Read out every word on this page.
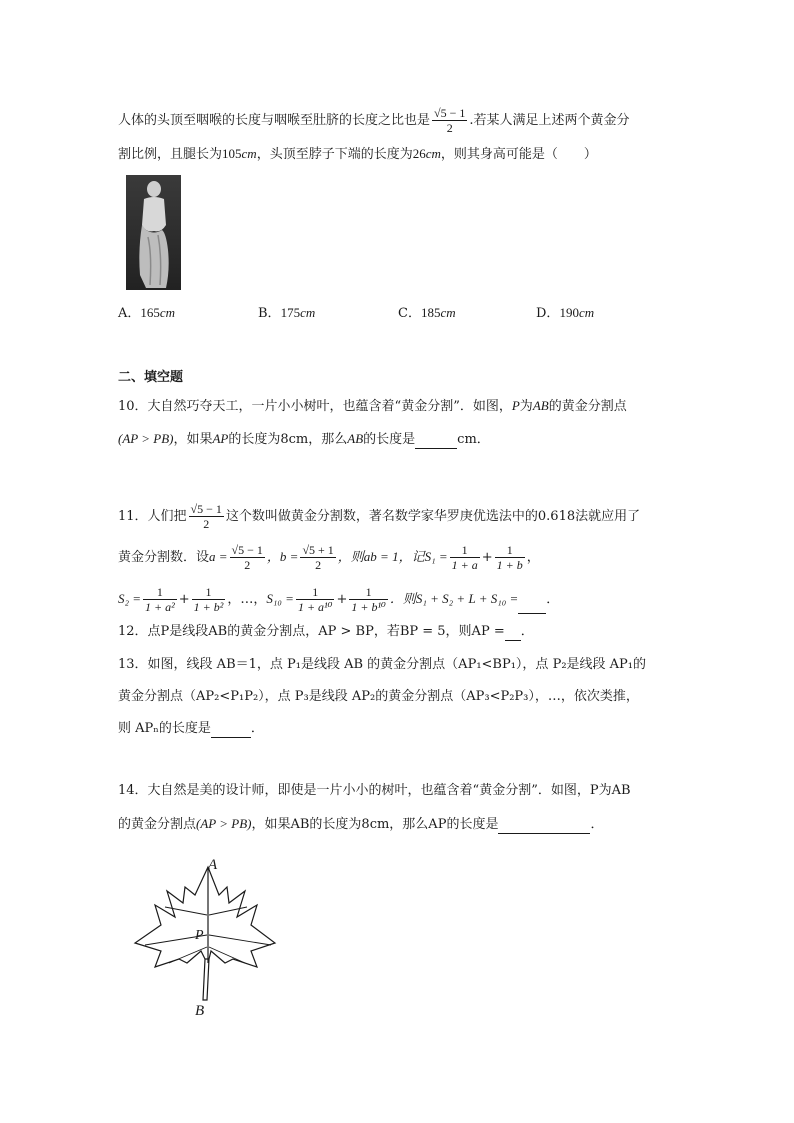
人体的头顶至咽喉的长度与咽喉至肚脐的长度之比也是 $\frac{√5 - 1}{2}$ .若某人满足上述两个黄金分
割比例，且腿长为105cm，头顶至脖子下端的长度为26cm，则其身高可能是（　　）
A．165cm	B．175cm	C．185cm	D．190cm
二、填空题
10．大自然巧夺天工，一片小小树叶，也蕴含着“黄金分割”．如图，P为AB的黄金分割点
(AP > PB)，如果AP的长度为8cm，那么AB的长度是	cm．
11．人们把 $\frac{√5 - 1}{2}$ 这个数叫做黄金分割数，著名数学家华罗庚优选法中的0.618法就应用了
黄金分割数．设$a = \frac{√5 - 1}{2}$ ，$b = \frac{√5 + 1}{2}$ ，则ab = 1，记$S_1 = \frac{1}{1 + a} + \frac{1}{1 + b}$ ，
$S_2 = \frac{1}{\text{1 + a²}} + \frac{1}{\text{1 + b²}}$ ，…，$S_{10} = \frac{1}{\text{1 + a¹⁰}} + \frac{1}{\text{1 + b¹⁰}}$ ．则S₁ + S₂ + L + S₁₀ = ．
12．点P是线段AB的黄金分割点，AP > BP，若BP = 5，则AP = ．
13．如图，线段 AB＝1，点 P₁是线段 AB 的黄金分割点（AP₁<BP₁），点 P₂是线段 AP₁的
黄金分割点（AP₂<P₁P₂），点 P₃是线段 AP₂的黄金分割点（AP₃<P₂P₃），…，依次类推，
则 APₙ的长度是	．
14．大自然是美的设计师，即使是一片小小的树叶，也蕴含着“黄金分割”．如图，P为AB
的黄金分割点(AP > PB)，如果AB的长度为8cm，那么AP的长度是	．
A
P
B
